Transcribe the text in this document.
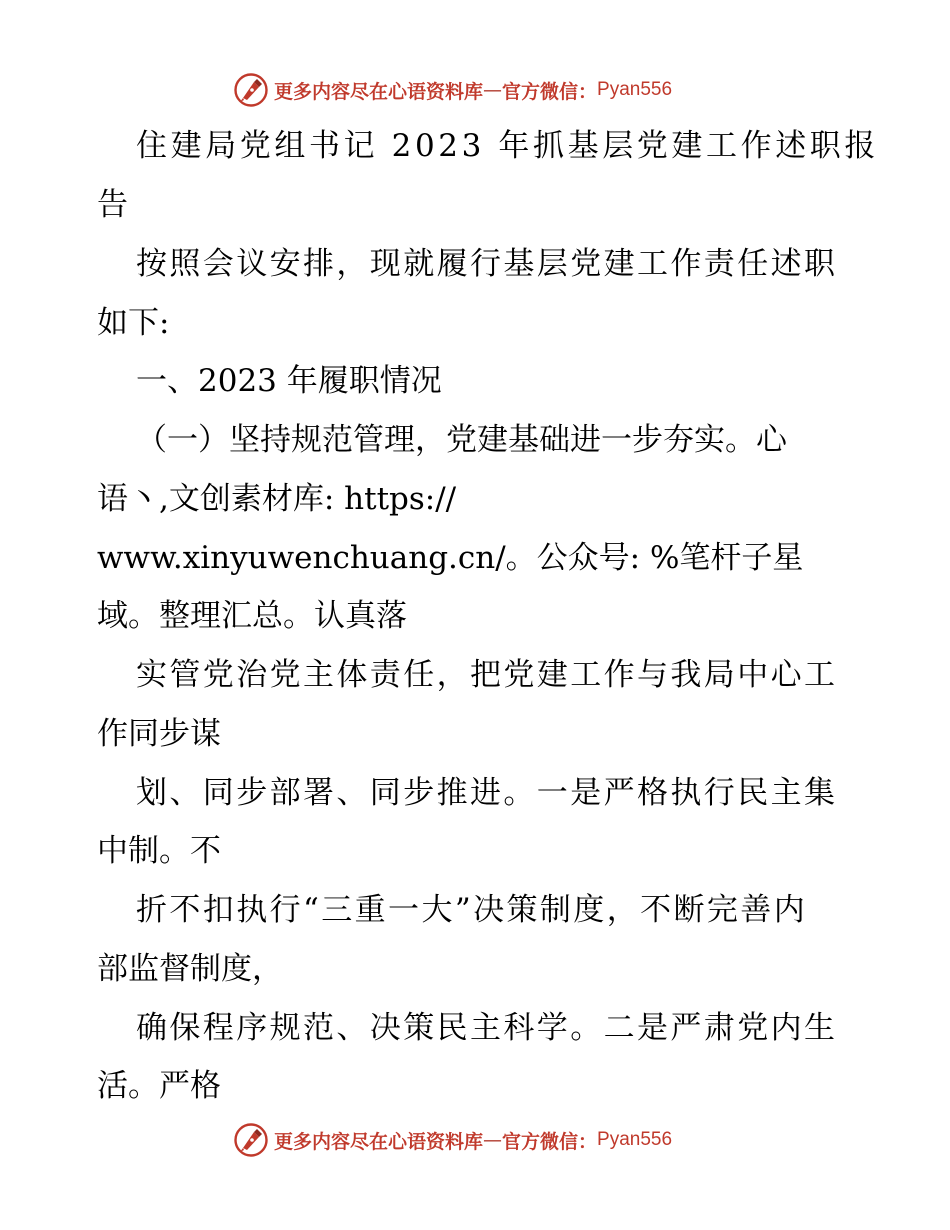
更多内容尽在心语资料库 — 官方微信： Pyan556

住建局党组书记 2023 年抓基层党建工作述职报

告

按照会议安排，现就履行基层党建工作责任述职

如下:

一、2023 年履职情况

（一）坚持规范管理，党建基础进一步夯实。心

语丶,文创素材库: https://

www.xinyuwenchuang.cn/。公众号: %笔杆子星

域。整理汇总。认真落

实管党治党主体责任，把党建工作与我局中心工

作同步谋

划、同步部署、同步推进。一是严格执行民主集

中制。不

折不扣执行“三重一大”决策制度，不断完善内

部监督制度，

确保程序规范、决策民主科学。二是严肃党内生

活。严格

更多内容尽在心语资料库 — 官方微信： Pyan556
